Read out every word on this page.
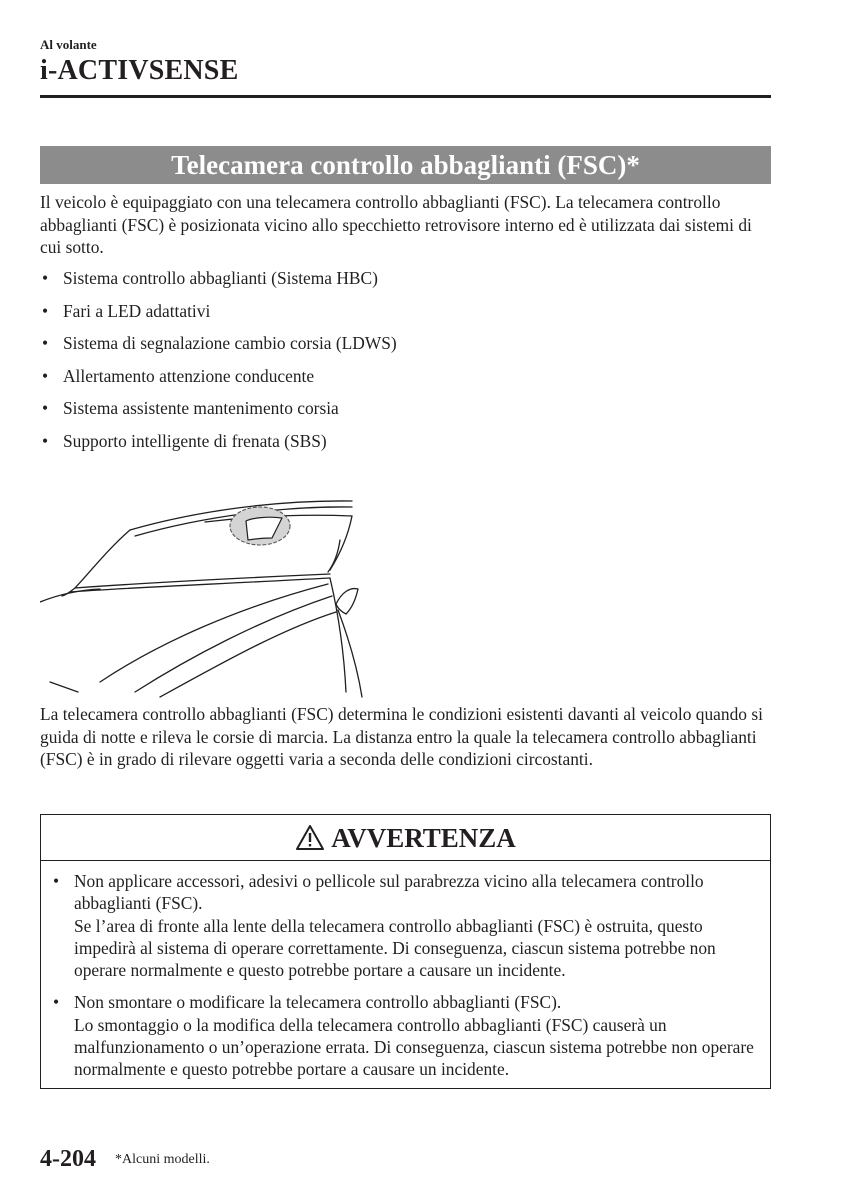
Al volante
i-ACTIVSENSE
Telecamera controllo abbaglianti (FSC)*
Il veicolo è equipaggiato con una telecamera controllo abbaglianti (FSC). La telecamera controllo abbaglianti (FSC) è posizionata vicino allo specchietto retrovisore interno ed è utilizzata dai sistemi di cui sotto.
• Sistema controllo abbaglianti (Sistema HBC)
• Fari a LED adattativi
• Sistema di segnalazione cambio corsia (LDWS)
• Allertamento attenzione conducente
• Sistema assistente mantenimento corsia
• Supporto intelligente di frenata (SBS)
La telecamera controllo abbaglianti (FSC) determina le condizioni esistenti davanti al veicolo quando si guida di notte e rileva le corsie di marcia. La distanza entro la quale la telecamera controllo abbaglianti (FSC) è in grado di rilevare oggetti varia a seconda delle condizioni circostanti.
AVVERTENZA

• Non applicare accessori, adesivi o pellicole sul parabrezza vicino alla telecamera controllo abbaglianti (FSC).

Se l’area di fronte alla lente della telecamera controllo abbaglianti (FSC) è ostruita, questo impedirà al sistema di operare correttamente. Di conseguenza, ciascun sistema potrebbe non operare normalmente e questo potrebbe portare a causare un incidente.

• Non smontare o modificare la telecamera controllo abbaglianti (FSC).

Lo smontaggio o la modifica della telecamera controllo abbaglianti (FSC) causerà un malfunzionamento o un’operazione errata. Di conseguenza, ciascun sistema potrebbe non operare normalmente e questo potrebbe portare a causare un incidente.

4-204 *Alcuni modelli.
